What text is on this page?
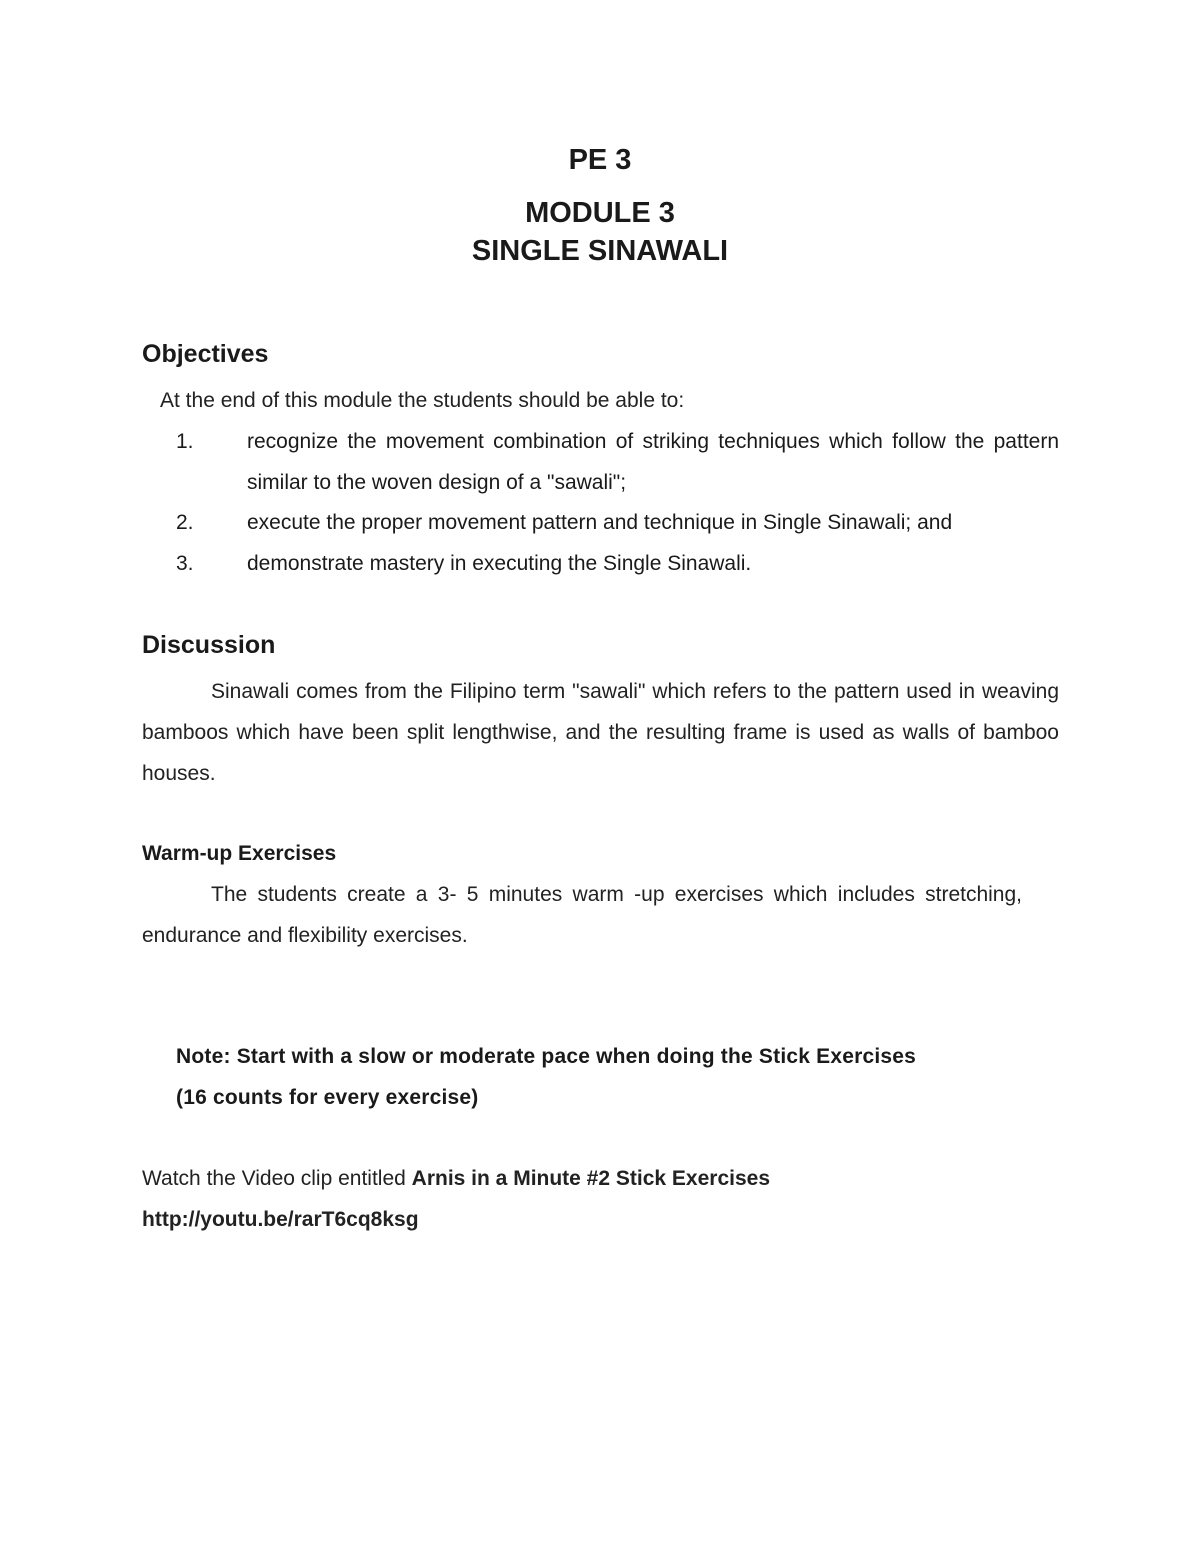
PE 3
MODULE 3
SINGLE SINAWALI
Objectives
At the end of this module the students should be able to:
1.	recognize the movement combination of striking techniques which follow the pattern similar to the woven design of a "sawali";
2.	execute the proper movement pattern and technique in Single Sinawali; and
3.	demonstrate mastery in executing the Single Sinawali.
Discussion
Sinawali comes from the Filipino term "sawali" which refers to the pattern used in weaving bamboos which have been split lengthwise, and the resulting frame is used as walls of bamboo houses.
Warm-up Exercises
The students create a 3- 5 minutes warm -up exercises which includes stretching, endurance and flexibility exercises.
Note: Start with a slow or moderate pace when doing the Stick Exercises
(16 counts for every exercise)
Watch the Video clip entitled Arnis in a Minute #2 Stick Exercises
http://youtu.be/rarT6cq8ksg
